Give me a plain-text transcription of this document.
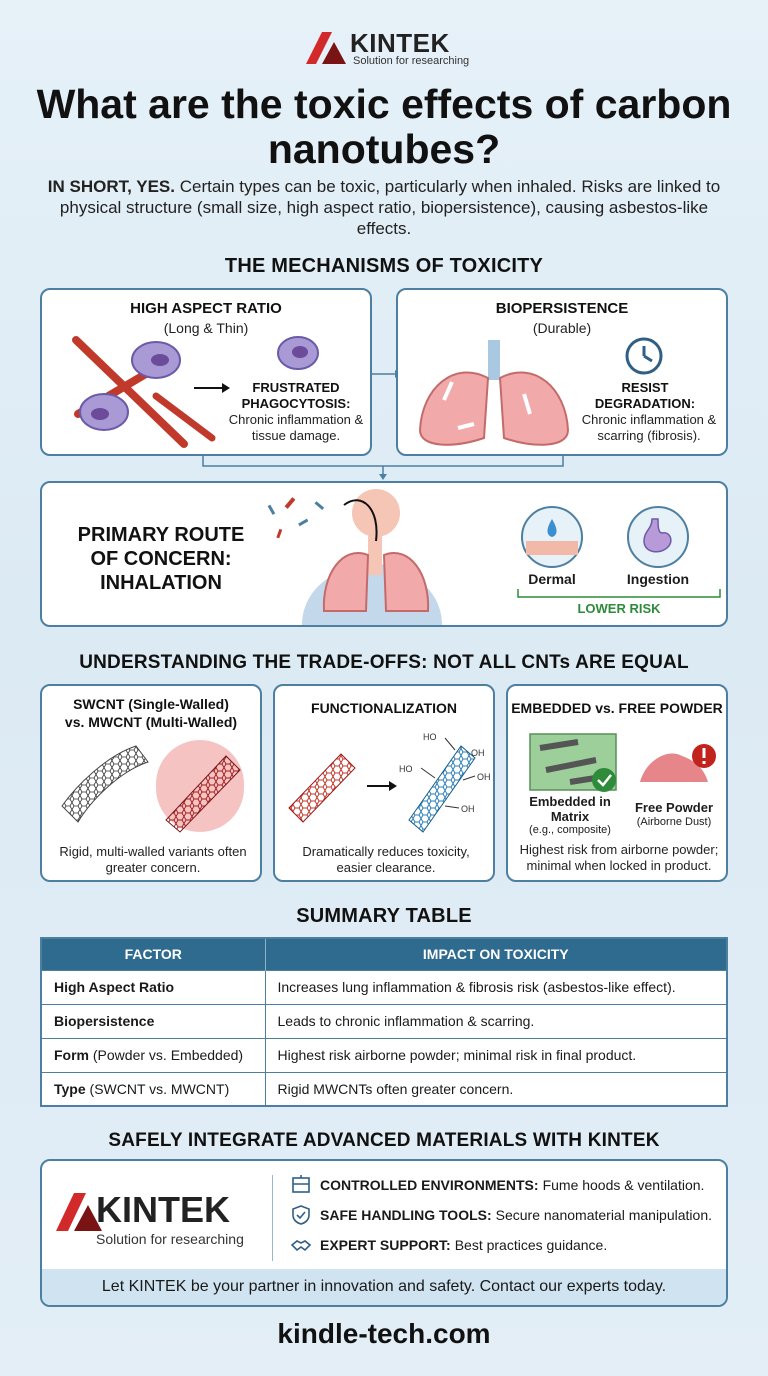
KINTEK
Solution for researching
What are the toxic effects of carbon nanotubes?

IN SHORT, YES. Certain types can be toxic, particularly when inhaled. Risks are linked to physical structure (small size, high aspect ratio, biopersistence), causing asbestos-like effects.

THE MECHANISMS OF TOXICITY
HIGH ASPECT RATIO
(Long & Thin)
FRUSTRATED PHAGOCYTOSIS:
Chronic inflammation & tissue damage.
BIOPERSISTENCE
(Durable)
RESIST DEGRADATION:
Chronic inflammation & scarring (fibrosis).
PRIMARY ROUTE OF CONCERN: INHALATION	Dermal	Ingestion
LOWER RISK
UNDERSTANDING THE TRADE-OFFS: NOT ALL CNTs ARE EQUAL
SWCNT (Single-Walled)
vs. MWCNT (Multi-Walled)
Rigid, multi-walled variants often greater concern.
FUNCTIONALIZATION
HO
HO
OH
OH
OH
Dramatically reduces toxicity, easier clearance.
EMBEDDED vs. FREE POWDER
Embedded in Matrix
(e.g., composite)
Free Powder
(Airborne Dust)
Highest risk from airborne powder; minimal when locked in product.
SUMMARY TABLE
FACTOR	IMPACT ON TOXICITY
High Aspect Ratio	Increases lung inflammation & fibrosis risk (asbestos-like effect).
Biopersistence	Leads to chronic inflammation & scarring.
Form (Powder vs. Embedded)	Highest risk airborne powder; minimal risk in final product.
Type (SWCNT vs. MWCNT)	Rigid MWCNTs often greater concern.
SAFELY INTEGRATE ADVANCED MATERIALS WITH KINTEK
KINTEK
Solution for researching
CONTROLLED ENVIRONMENTS: Fume hoods & ventilation.
SAFE HANDLING TOOLS: Secure nanomaterial manipulation.
EXPERT SUPPORT: Best practices guidance.
Let KINTEK be your partner in innovation and safety. Contact our experts today.
kindle-tech.com
